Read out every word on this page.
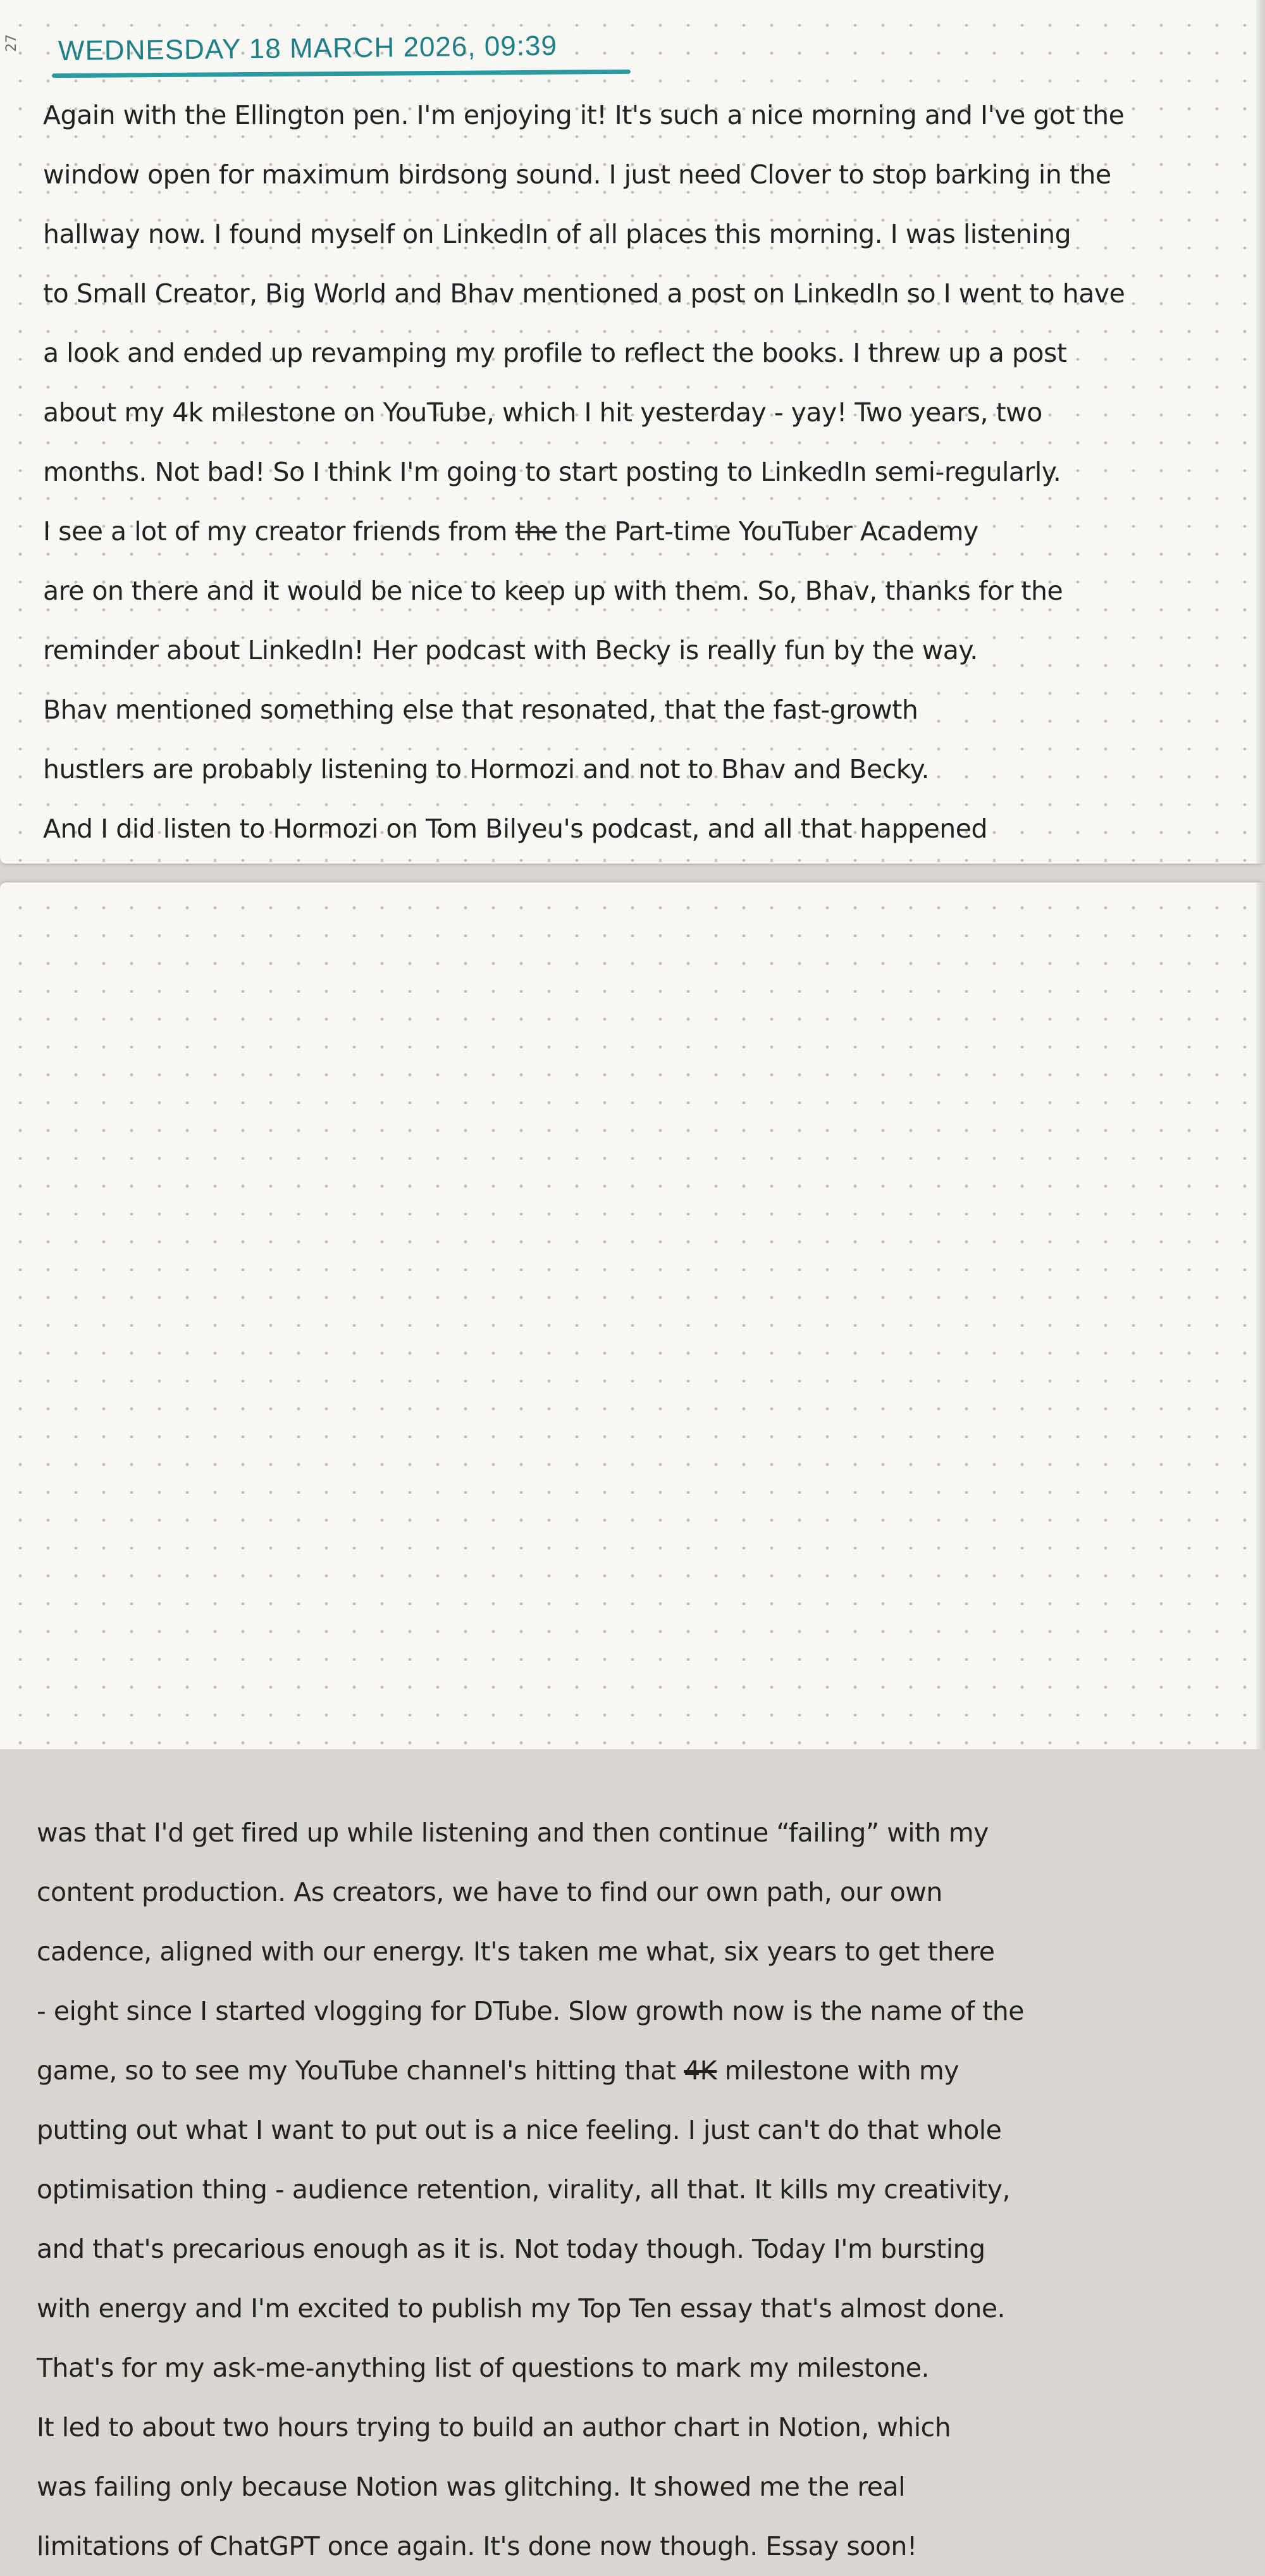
27 WEDNESDAY 18 MARCH 2026, 09:39
Again with the Ellington pen. I'm enjoying it! It's such a nice morning and I've got the
window open for maximum birdsong sound. I just need Clover to stop barking in the
hallway now. I found myself on LinkedIn of all places this morning. I was listening
to Small Creator, Big World and Bhav mentioned a post on LinkedIn so I went to have
a look and ended up revamping my profile to reflect the books. I threw up a post
about my 4k milestone on YouTube, which I hit yesterday - yay! Two years, two
months. Not bad! So I think I'm going to start posting to LinkedIn semi-regularly.
I see a lot of my creator friends from the the Part-time YouTuber Academy
are on there and it would be nice to keep up with them. So, Bhav, thanks for the
reminder about LinkedIn! Her podcast with Becky is really fun by the way.
Bhav mentioned something else that resonated, that the fast-growth
hustlers are probably listening to Hormozi and not to Bhav and Becky.
And I did listen to Hormozi on Tom Bilyeu's podcast, and all that happened
was that I'd get fired up while listening and then continue “failing” with my
content production. As creators, we have to find our own path, our own
cadence, aligned with our energy. It's taken me what, six years to get there
- eight since I started vlogging for DTube. Slow growth now is the name of the
game, so to see my YouTube channel's hitting that 4K milestone with my
putting out what I want to put out is a nice feeling. I just can't do that whole
optimisation thing - audience retention, virality, all that. It kills my creativity,
and that's precarious enough as it is. Not today though. Today I'm bursting
with energy and I'm excited to publish my Top Ten essay that's almost done.
That's for my ask-me-anything list of questions to mark my milestone.
It led to about two hours trying to build an author chart in Notion, which
was failing only because Notion was glitching. It showed me the real
limitations of ChatGPT once again. It's done now though. Essay soon!
